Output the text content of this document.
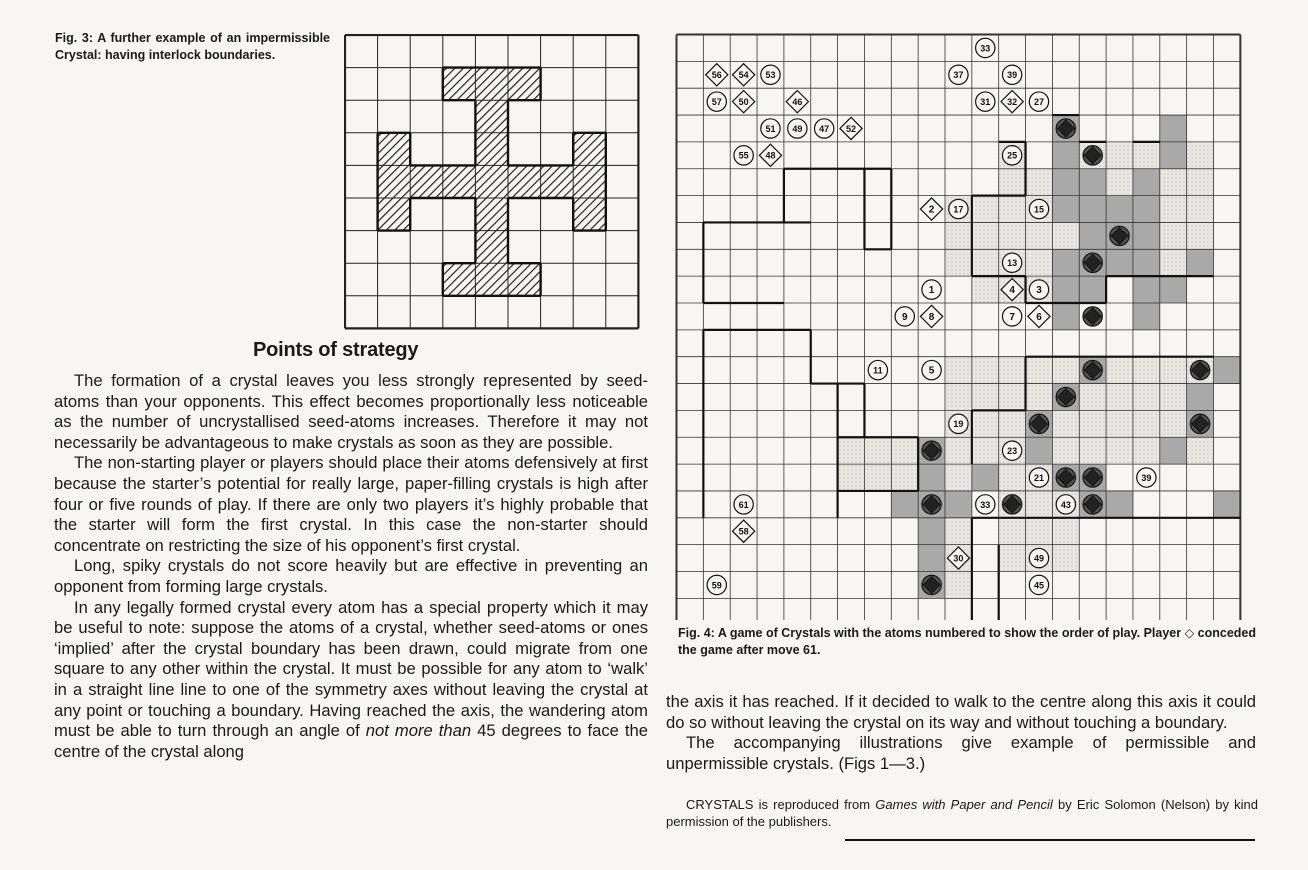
Fig. 3: A further example of an impermissible Crystal: having interlock boundaries.
Points of strategy

The formation of a crystal leaves you less strongly represented by seed-atoms than your opponents. This effect becomes proportionally less noticeable as the number of uncrystallised seed-atoms increases. Therefore it may not necessarily be advantageous to make crystals as soon as they are possible.

The non-starting player or players should place their atoms defensively at first because the starter’s potential for really large, paper-filling crystals is high after four or five rounds of play. If there are only two players it’s highly probable that the starter will form the first crystal. In this case the non-starter should concentrate on restricting the size of his opponent’s first crystal.

Long, spiky crystals do not score heavily but are effective in preventing an opponent from forming large crystals.

In any legally formed crystal every atom has a special property which it may be useful to note: suppose the atoms of a crystal, whether seed-atoms or ones ‘implied’ after the crystal boundary has been drawn, could migrate from one square to any other within the crystal. It must be possible for any atom to ‘walk’ in a straight line line to one of the symmetry axes without leaving the crystal at any point or touching a boundary. Having reached the axis, the wandering atom must be able to turn through an angle of not more than 45 degrees to face the centre of the crystal along

33
53	37	39
57	31	27
51 49 47
55	25
17	15
13
1	3
9	7
11	5
19
23
21	39
33	43
61
49
59	45
56 54
50	46	32
52
48
2
4
8	6
58
30
Fig. 4: A game of Crystals with the atoms numbered to show the order of play. Player ◇ conceded the game after move 61.

the axis it has reached. If it decided to walk to the centre along this axis it could do so without leaving the crystal on its way and without touching a boundary.

The accompanying illustrations give example of permissible and unpermissible crystals. (Figs 1—3.)

CRYSTALS is reproduced from Games with Paper and Pencil by Eric Solomon (Nelson) by kind permission of the publishers.
